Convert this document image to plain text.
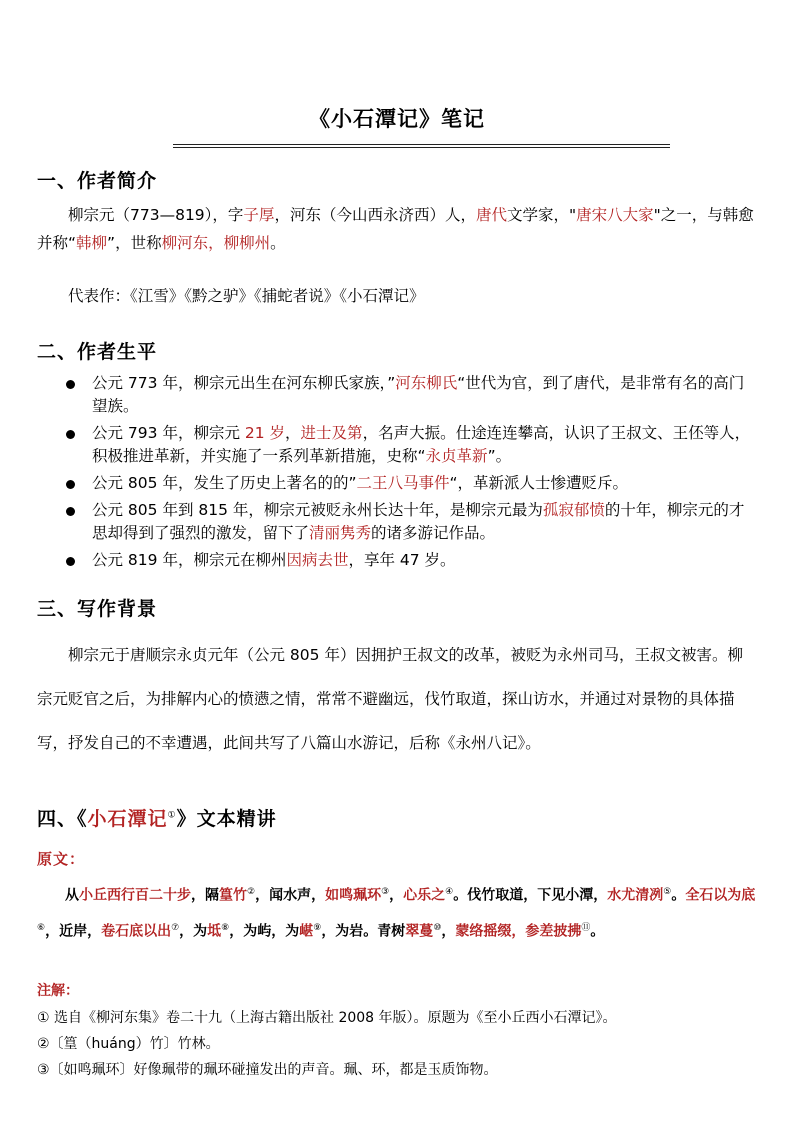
《小石潭记》笔记
一、作者简介
柳宗元（773—819），字子厚，河东（今山西永济西）人，唐代文学家，"唐宋八大家"之一，与韩愈并称“韩柳”，世称柳河东，柳柳州。
代表作：《江雪》《黔之驴》《捕蛇者说》《小石潭记》
二、作者生平
公元 773 年，柳宗元出生在河东柳氏家族，”河东柳氏“世代为官，到了唐代，是非常有名的高门望族。
公元 793 年，柳宗元 21 岁，进士及第，名声大振。仕途连连攀高，认识了王叔文、王伾等人，积极推进革新，并实施了一系列革新措施，史称“永贞革新”。
公元 805 年，发生了历史上著名的的”二王八马事件“，革新派人士惨遭贬斥。
公元 805 年到 815 年，柳宗元被贬永州长达十年，是柳宗元最为孤寂郁愤的十年，柳宗元的才思却得到了强烈的激发，留下了清丽隽秀的诸多游记作品。
公元 819 年，柳宗元在柳州因病去世，享年 47 岁。
三、写作背景
柳宗元于唐顺宗永贞元年（公元 805 年）因拥护王叔文的改革，被贬为永州司马，王叔文被害。柳宗元贬官之后，为排解内心的愤懑之情，常常不避幽远，伐竹取道，探山访水，并通过对景物的具体描写，抒发自己的不幸遭遇，此间共写了八篇山水游记，后称《永州八记》。
四、《小石潭记①》文本精讲
原文：
从小丘西行百二十步，隔篁竹②，闻水声，如鸣珮环③，心乐之④。伐竹取道，下见小潭，水尤清冽⑤。全石以为底⑥，近岸，卷石底以出⑦，为坻⑧，为屿，为嵁⑨，为岩。青树翠蔓⑩，蒙络摇缀，参差披拂⑪。
注解：
① 选自《柳河东集》卷二十九（上海古籍出版社 2008 年版）。原题为《至小丘西小石潭记》。
②〔篁（huáng）竹〕竹林。
③〔如鸣珮环〕好像珮带的珮环碰撞发出的声音。珮、环，都是玉质饰物。
